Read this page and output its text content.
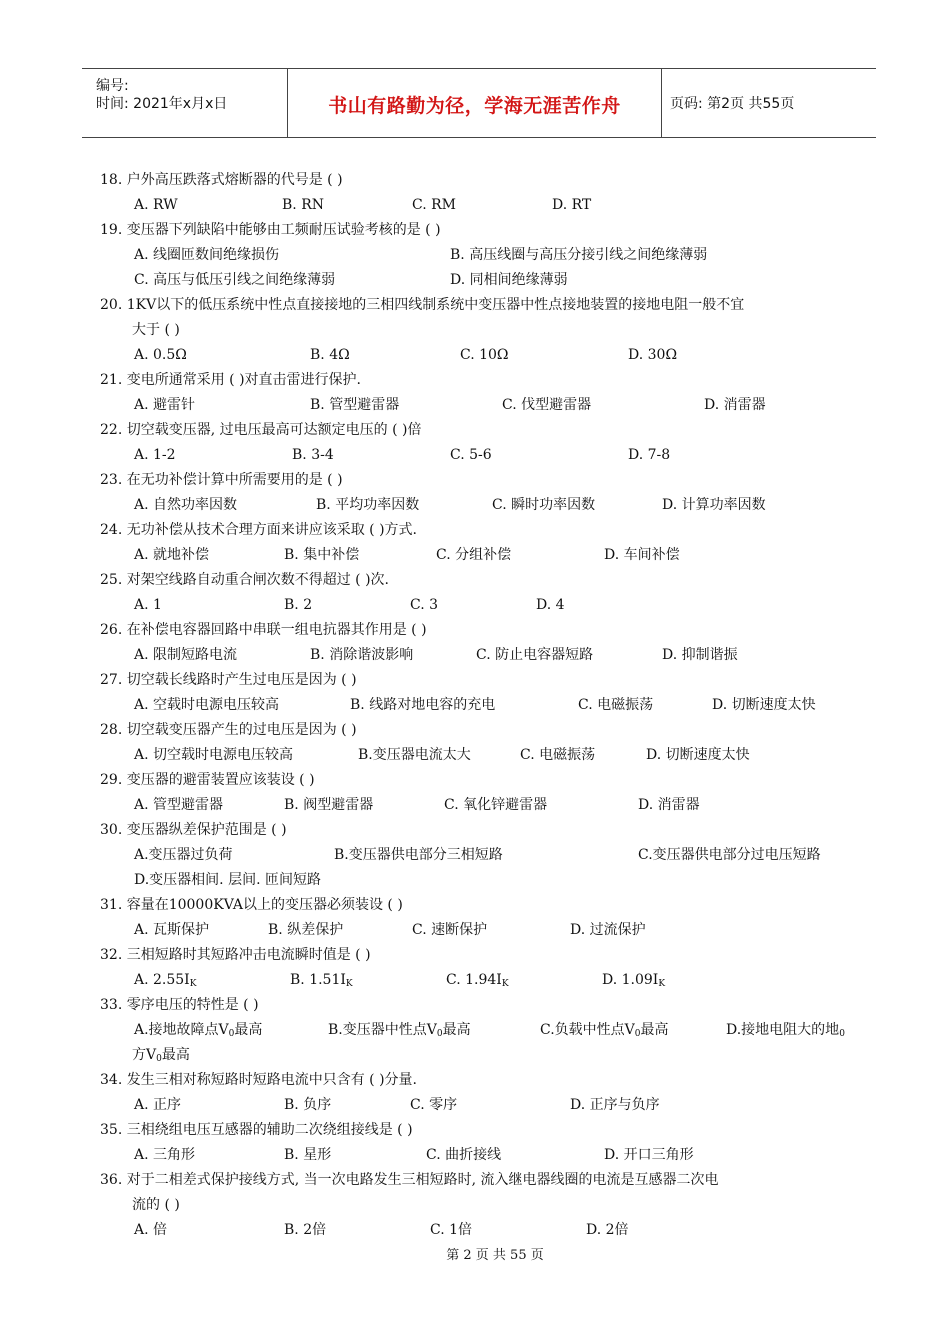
编号:
时间: 2021年x月x日	书山有路勤为径，学海无涯苦作舟	页码: 第2页 共55页
18. 户外高压跌落式熔断器的代号是 ( )
A. RW	B. RN	C. RM	D. RT
19. 变压器下列缺陷中能够由工频耐压试验考核的是 ( )
A. 线圈匝数间绝缘损伤	B. 高压线圈与高压分接引线之间绝缘薄弱
C. 高压与低压引线之间绝缘薄弱	D. 同相间绝缘薄弱
20. 1KV以下的低压系统中性点直接接地的三相四线制系统中变压器中性点接地装置的接地电阻一般不宜
大于 ( )
A. 0.5Ω	B. 4Ω	C. 10Ω	D. 30Ω
21. 变电所通常采用 ( )对直击雷进行保护.
A. 避雷针	B. 管型避雷器	C. 伐型避雷器	D. 消雷器
22. 切空载变压器, 过电压最高可达额定电压的 ( )倍
A. 1-2	B. 3-4	C. 5-6	D. 7-8
23. 在无功补偿计算中所需要用的是 ( )
A. 自然功率因数	B. 平均功率因数	C. 瞬时功率因数	D. 计算功率因数
24. 无功补偿从技术合理方面来讲应该采取 ( )方式.
A. 就地补偿	B. 集中补偿	C. 分组补偿	D. 车间补偿
25. 对架空线路自动重合闸次数不得超过 ( )次.
A. 1	B. 2	C. 3	D. 4
26. 在补偿电容器回路中串联一组电抗器其作用是 ( )
A. 限制短路电流	B. 消除谐波影响	C. 防止电容器短路	D. 抑制谐振
27. 切空载长线路时产生过电压是因为 ( )
A. 空载时电源电压较高	B. 线路对地电容的充电	C. 电磁振荡	D. 切断速度太快
28. 切空载变压器产生的过电压是因为 ( )
A. 切空载时电源电压较高	B.变压器电流太大	C. 电磁振荡	D. 切断速度太快
29. 变压器的避雷装置应该装设 ( )
A. 管型避雷器	B. 阀型避雷器	C. 氧化锌避雷器	D. 消雷器
30. 变压器纵差保护范围是 ( )
A.变压器过负荷	B.变压器供电部分三相短路	C.变压器供电部分过电压短路
D.变压器相间. 层间. 匝间短路
31. 容量在10000KVA以上的变压器必须装设 ( )
A. 瓦斯保护	B. 纵差保护	C. 速断保护	D. 过流保护
32. 三相短路时其短路冲击电流瞬时值是 ( )
A. $2.55I_K$	B. $1.51I_K$	C. $1.94I_K$	D. $1.09I_K$
33. 零序电压的特性是 ( )
A.接地故障点$V_0$最高	B.变压器中性点$V_0$最高	C.负载中性点$V_0$最高	D.接地电阻大的地$_0$
方$V_0$最高
34. 发生三相对称短路时短路电流中只含有 ( )分量.
A. 正序	B. 负序	C. 零序	D. 正序与负序
35. 三相绕组电压互感器的辅助二次绕组接线是 ( )
A. 三角形	B. 星形	C. 曲折接线	D. 开口三角形
36. 对于二相差式保护接线方式, 当一次电路发生三相短路时, 流入继电器线圈的电流是互感器二次电
流的 ( )
A. 倍	B. 2倍	C. 1倍	D. 2倍
第 2 页 共 55 页
